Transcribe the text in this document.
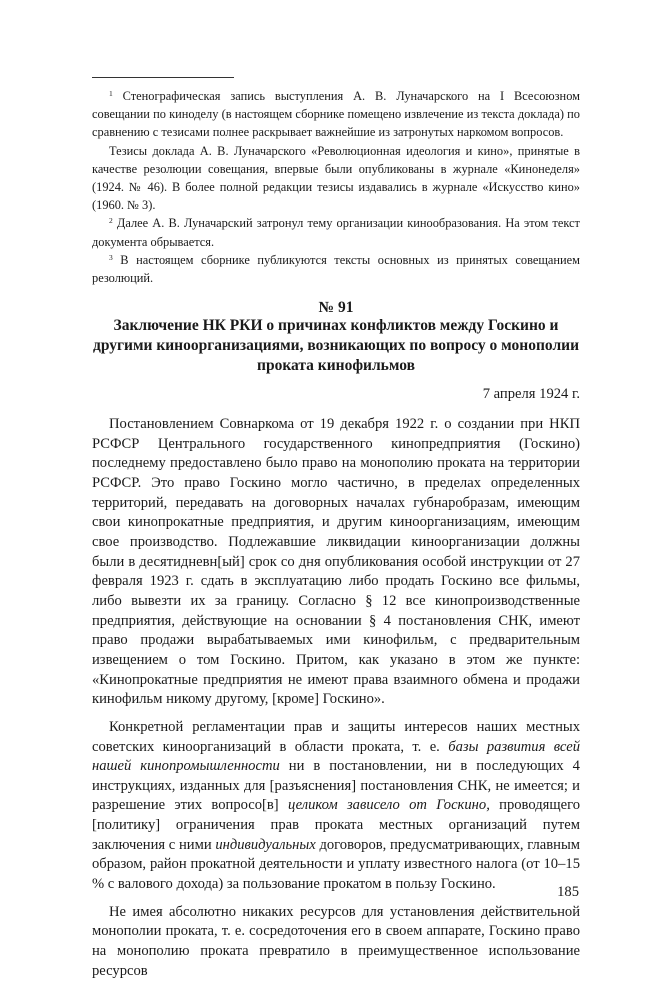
$^1$ Стенографическая запись выступления А. В. Луначарского на I Всесоюзном совещании по киноделу (в настоящем сборнике помещено извлечение из текста доклада) по сравнению с тезисами полнее раскрывает важнейшие из затронутых наркомом вопросов.

Тезисы доклада А. В. Луначарского «Революционная идеология и кино», принятые в качестве резолюции совещания, впервые были опубликованы в журнале «Кинонеделя» (1924. № 46). В более полной редакции тезисы издавались в журнале «Искусство кино» (1960. № 3).

$^2$ Далее А. В. Луначарский затронул тему организации кинообразования. На этом текст документа обрывается.

$^3$ В настоящем сборнике публикуются тексты основных из принятых совещанием резолюций.

№ 91
Заключение НК РКИ о причинах конфликтов между Госкино и другими киноорганизациями, возникающих по вопросу о монополии проката кинофильмов
7 апреля 1924 г.

Постановлением Совнаркома от 19 декабря 1922 г. о создании при НКП РСФСР Центрального государственного кинопредприятия (Госкино) последнему предоставлено было право на монополию проката на территории РСФСР. Это право Госкино могло частично, в пределах определенных территорий, передавать на договорных началах губнаробразам, имеющим свои кинопрокатные предприятия, и другим киноорганизациям, имеющим свое производство. Подлежавшие ликвидации киноорганизации должны были в десятидневн[ый] срок со дня опубликования особой инструкции от 27 февраля 1923 г. сдать в эксплуатацию либо продать Госкино все фильмы, либо вывезти их за границу. Согласно § 12 все кинопроизводственные предприятия, действующие на основании § 4 постановления СНК, имеют право продажи вырабатываемых ими кинофильм, с предварительным извещением о том Госкино. Притом, как указано в этом же пункте: «Кинопрокатные предприятия не имеют права взаимного обмена и продажи кинофильм никому другому, [кроме] Госкино».

Конкретной регламентации прав и защиты интересов наших местных советских киноорганизаций в области проката, т. е. базы развития всей нашей кинопромышленности ни в постановлении, ни в последующих 4 инструкциях, изданных для [разъяснения] постановления СНК, не имеется; и разрешение этих вопросо[в] целиком зависело от Госкино, проводящего [политику] ограничения прав проката местных организаций путем заключения с ними индивидуальных договоров, предусматривающих, главным образом, район прокатной деятельности и уплату известного налога (от 10–15 % с валового дохода) за пользование прокатом в пользу Госкино.

Не имея абсолютно никаких ресурсов для установления действительной монополии проката, т. е. сосредоточения его в своем аппарате, Госкино право на монополию проката превратило в преимущественное использование ресурсов

185
